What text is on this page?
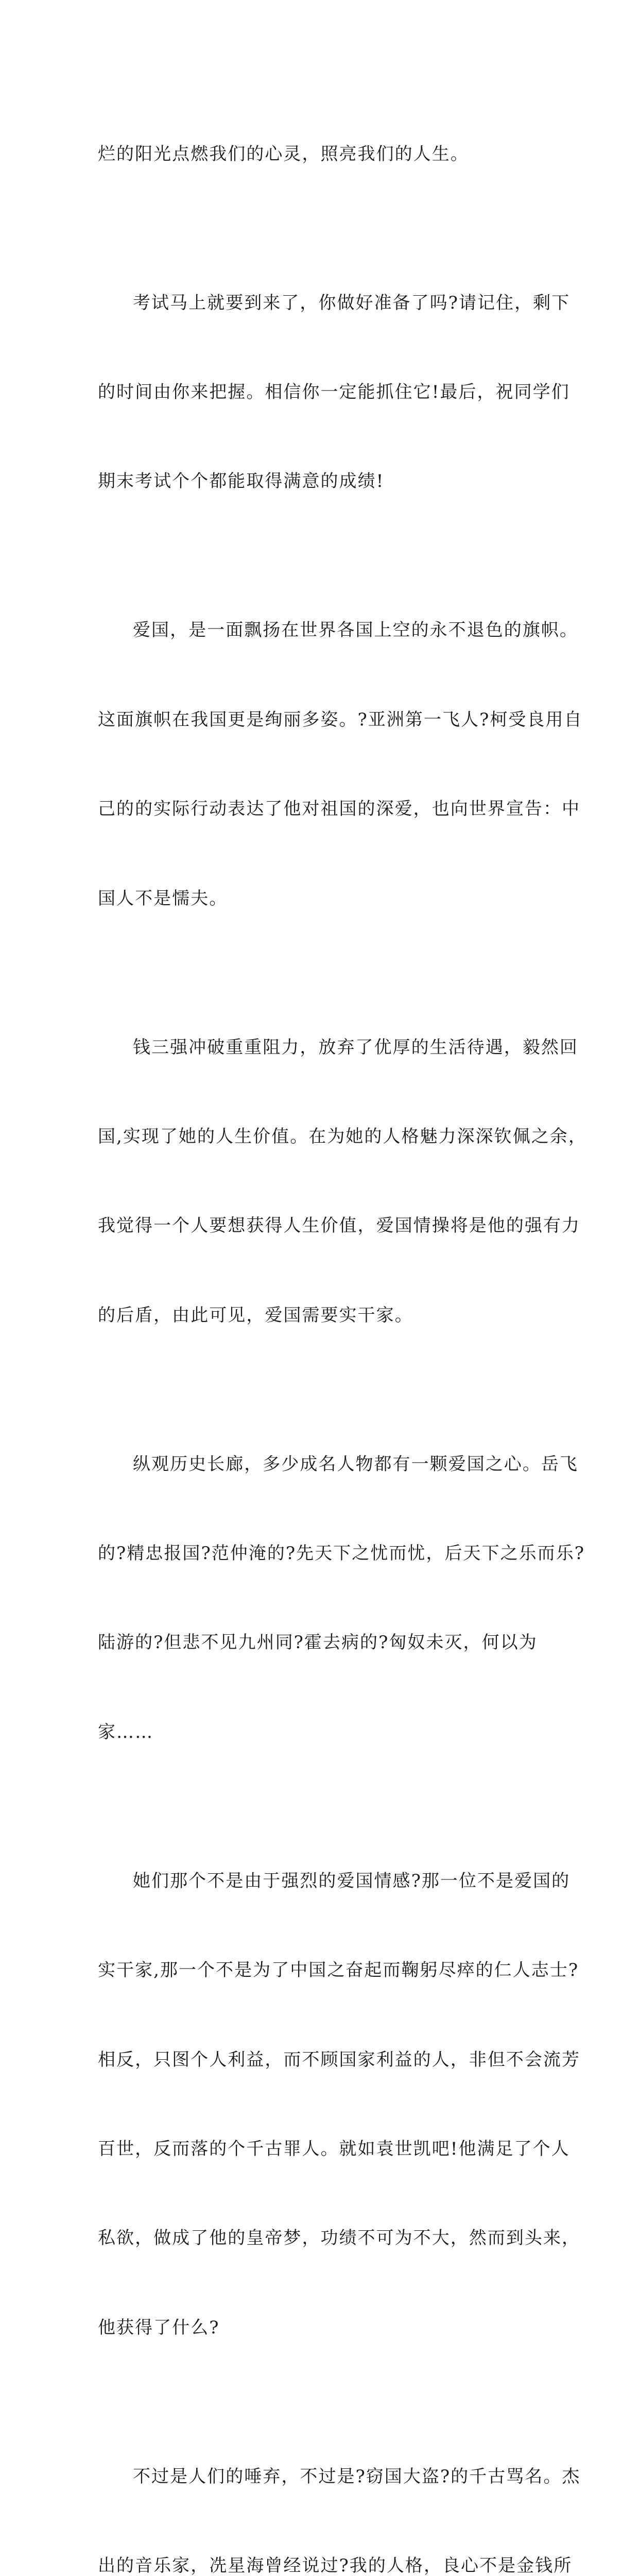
烂的阳光点燃我们的心灵，照亮我们的人生。

考试马上就要到来了，你做好准备了吗?请记住，剩下

的时间由你来把握。相信你一定能抓住它!最后，祝同学们

期末考试个个都能取得满意的成绩!

爱国，是一面飘扬在世界各国上空的永不退色的旗帜。

这面旗帜在我国更是绚丽多姿。?亚洲第一飞人?柯受良用自

己的的实际行动表达了他对祖国的深爱，也向世界宣告：中

国人不是懦夫。

钱三强冲破重重阻力，放弃了优厚的生活待遇，毅然回

国,实现了她的人生价值。在为她的人格魅力深深钦佩之余，

我觉得一个人要想获得人生价值，爱国情操将是他的强有力

的后盾，由此可见，爱国需要实干家。

纵观历史长廊，多少成名人物都有一颗爱国之心。岳飞

的?精忠报国?范仲淹的?先天下之忧而忧，后天下之乐而乐?

陆游的?但悲不见九州同?霍去病的?匈奴未灭，何以为

家……

她们那个不是由于强烈的爱国情感?那一位不是爱国的

实干家,那一个不是为了中国之奋起而鞠躬尽瘁的仁人志士?

相反，只图个人利益，而不顾国家利益的人，非但不会流芳

百世，反而落的个千古罪人。就如袁世凯吧!他满足了个人

私欲，做成了他的皇帝梦，功绩不可为不大，然而到头来，

他获得了什么?

不过是人们的唾弃，不过是?窃国大盗?的千古骂名。杰

出的音乐家，冼星海曾经说过?我的人格，良心不是金钱所
